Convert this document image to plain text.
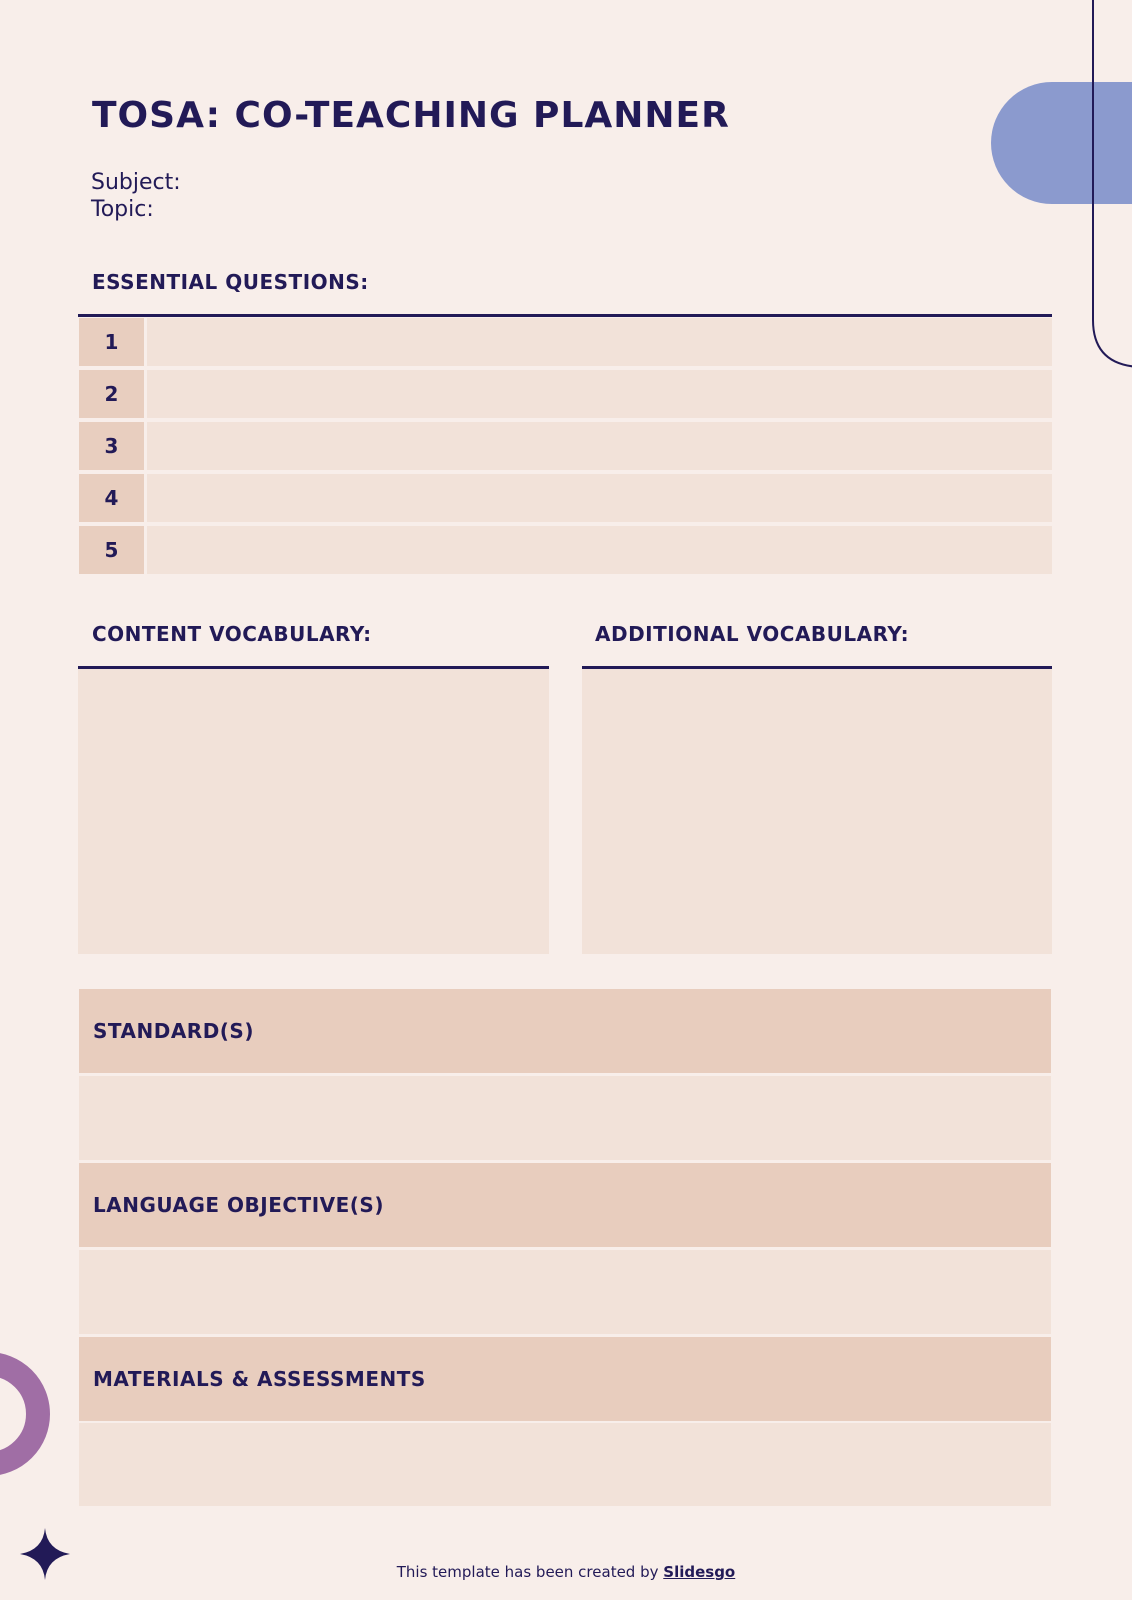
TOSA: CO-TEACHING PLANNER
Subject:
Topic:
ESSENTIAL QUESTIONS:
1
2
3
4
5
CONTENT VOCABULARY:	ADDITIONAL VOCABULARY:
STANDARD(S)
LANGUAGE OBJECTIVE(S)
MATERIALS & ASSESSMENTS
This template has been created by Slidesgo
